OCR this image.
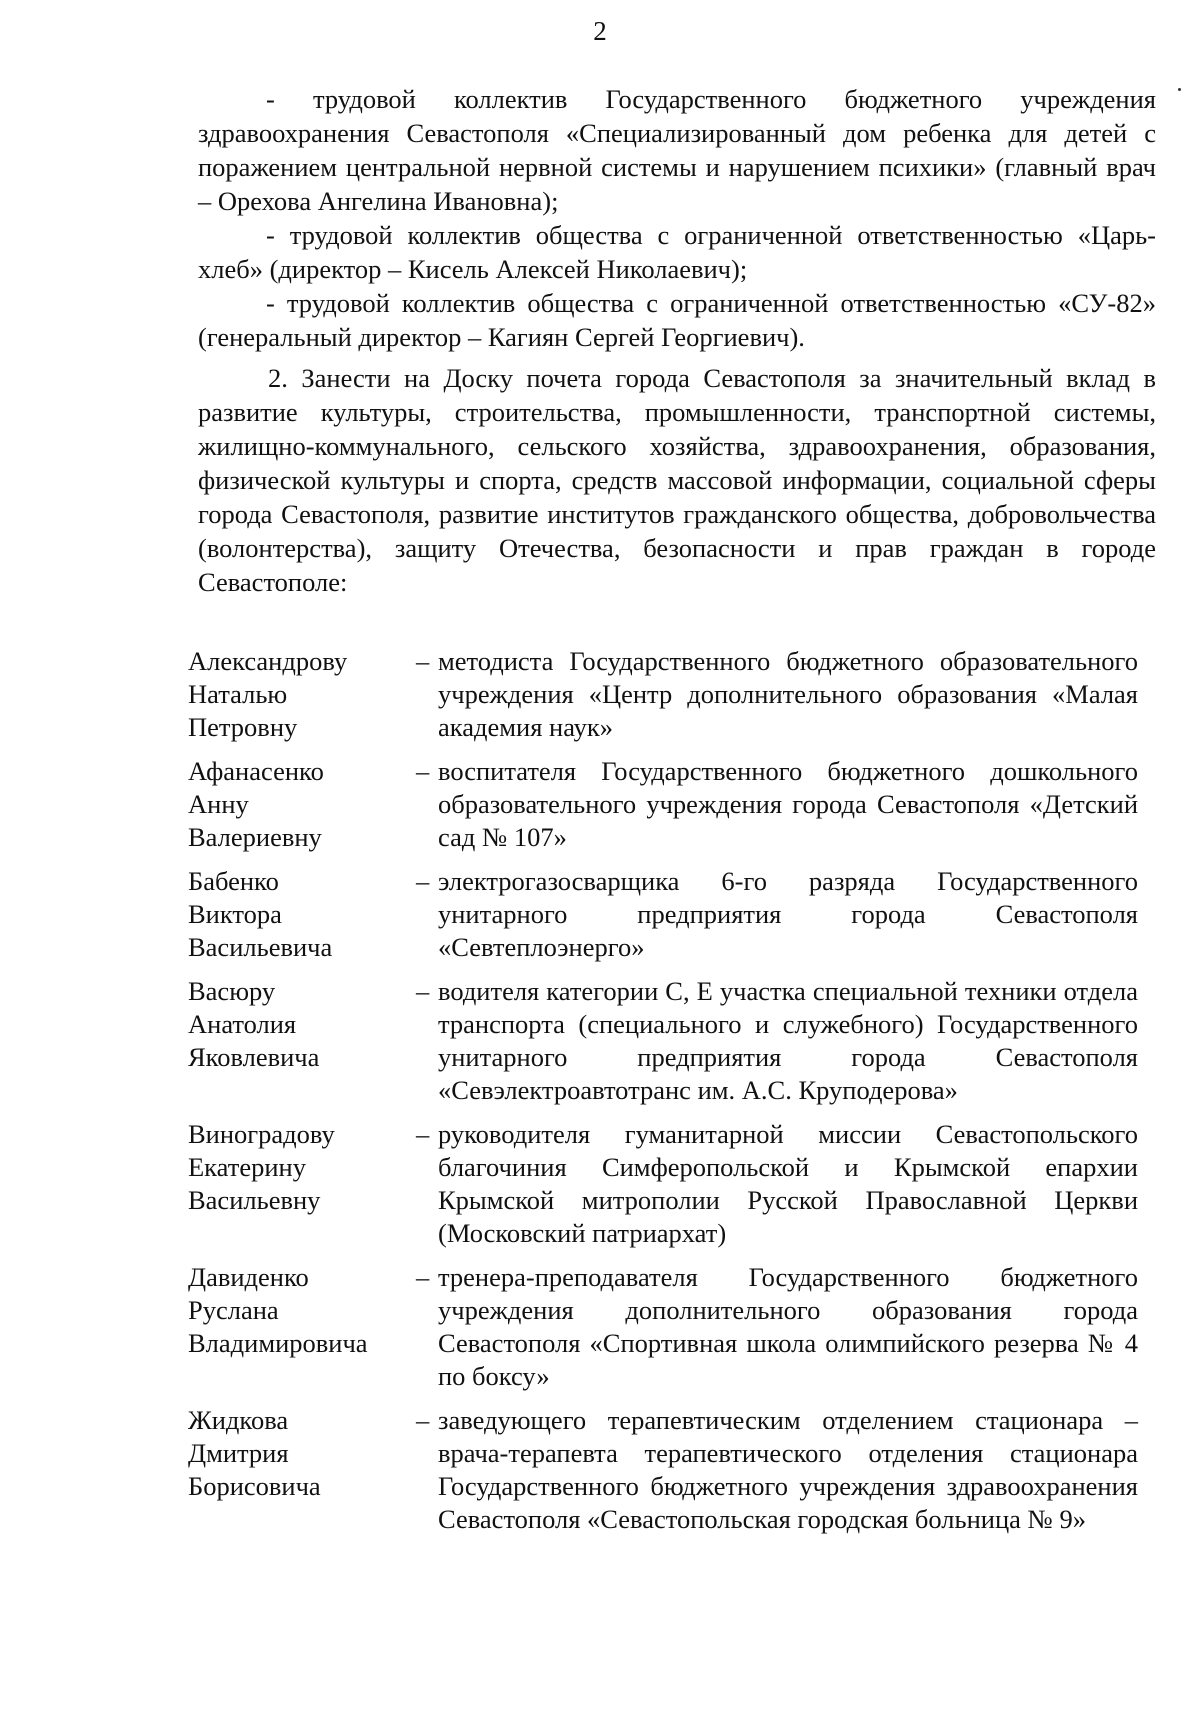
2

- трудовой коллектив Государственного бюджетного учреждения здравоохранения Севастополя «Специализированный дом ребенка для детей с поражением центральной нервной системы и нарушением психики» (главный врач – Орехова Ангелина Ивановна);

- трудовой коллектив общества с ограниченной ответственностью «Царь-хлеб» (директор – Кисель Алексей Николаевич);

- трудовой коллектив общества с ограниченной ответственностью «СУ-82» (генеральный директор – Кагиян Сергей Георгиевич).

2. Занести на Доску почета города Севастополя за значительный вклад в развитие культуры, строительства, промышленности, транспортной системы, жилищно-коммунального, сельского хозяйства, здравоохранения, образования, физической культуры и спорта, средств массовой информации, социальной сферы города Севастополя, развитие институтов гражданского общества, добровольчества (волонтерства), защиту Отечества, безопасности и прав граждан в городе Севастополе:

Александрову
Наталью
Петровну
– методиста Государственного бюджетного образовательного учреждения «Центр дополнительного образования «Малая академия наук»
Афанасенко
Анну
Валериевну
– воспитателя Государственного бюджетного дошкольного образовательного учреждения города Севастополя «Детский сад № 107»
Бабенко
Виктора
Васильевича
– электрогазосварщика 6-го разряда Государственного унитарного предприятия города Севастополя «Севтеплоэнерго»
Васюру
Анатолия
Яковлевича
– водителя категории С, Е участка специальной техники отдела транспорта (специального и служебного) Государственного унитарного предприятия города Севастополя «Севэлектроавтотранс им. А.С. Круподерова»
Виноградову
Екатерину
Васильевну
– руководителя гуманитарной миссии Севастопольского благочиния Симферопольской и Крымской епархии Крымской митрополии Русской Православной Церкви (Московский патриархат)
Давиденко
Руслана
Владимировича
– тренера-преподавателя Государственного бюджетного учреждения дополнительного образования города Севастополя «Спортивная школа олимпийского резерва № 4 по боксу»
Жидкова
Дмитрия
Борисовича
– заведующего терапевтическим отделением стационара – врача-терапевта терапевтического отделения стационара Государственного бюджетного учреждения здравоохранения Севастополя «Севастопольская городская больница № 9»
